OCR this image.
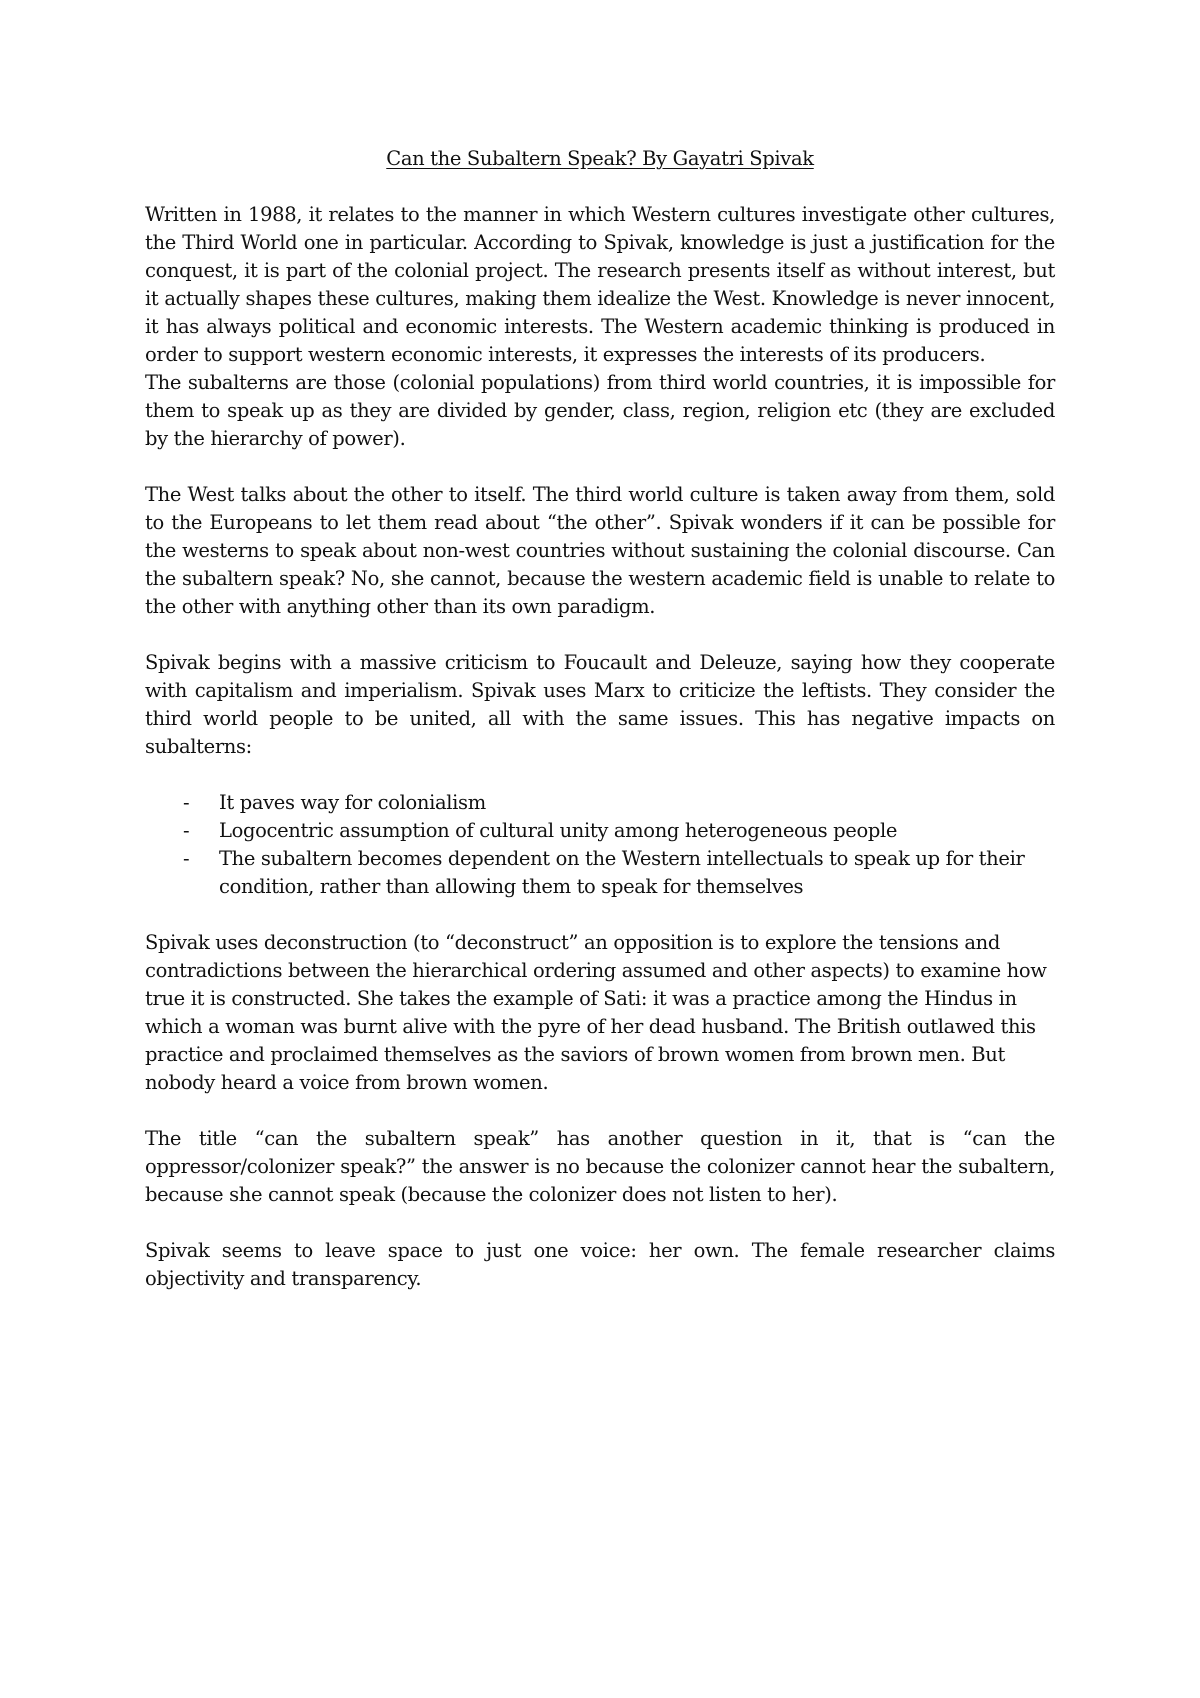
Can the Subaltern Speak? By Gayatri Spivak

Written in 1988, it relates to the manner in which Western cultures investigate other cultures, the Third World one in particular. According to Spivak, knowledge is just a justification for the conquest, it is part of the colonial project. The research presents itself as without interest, but it actually shapes these cultures, making them idealize the West. Knowledge is never innocent, it has always political and economic interests. The Western academic thinking is produced in order to support western economic interests, it expresses the interests of its producers.

The subalterns are those (colonial populations) from third world countries, it is impossible for them to speak up as they are divided by gender, class, region, religion etc (they are excluded by the hierarchy of power).

The West talks about the other to itself. The third world culture is taken away from them, sold to the Europeans to let them read about “the other”. Spivak wonders if it can be possible for the westerns to speak about non-west countries without sustaining the colonial discourse. Can the subaltern speak? No, she cannot, because the western academic field is unable to relate to the other with anything other than its own paradigm.

Spivak begins with a massive criticism to Foucault and Deleuze, saying how they cooperate with capitalism and imperialism. Spivak uses Marx to criticize the leftists. They consider the third world people to be united, all with the same issues. This has negative impacts on subalterns:

- It paves way for colonialism
- Logocentric assumption of cultural unity among heterogeneous people
- The subaltern becomes dependent on the Western intellectuals to speak up for their condition, rather than allowing them to speak for themselves

Spivak uses deconstruction (to “deconstruct” an opposition is to explore the tensions and contradictions between the hierarchical ordering assumed and other aspects) to examine how true it is constructed. She takes the example of Sati: it was a practice among the Hindus in which a woman was burnt alive with the pyre of her dead husband. The British outlawed this practice and proclaimed themselves as the saviors of brown women from brown men. But nobody heard a voice from brown women.

The title “can the subaltern speak” has another question in it, that is “can the oppressor/colonizer speak?” the answer is no because the colonizer cannot hear the subaltern, because she cannot speak (because the colonizer does not listen to her).

Spivak seems to leave space to just one voice: her own. The female researcher claims objectivity and transparency.
